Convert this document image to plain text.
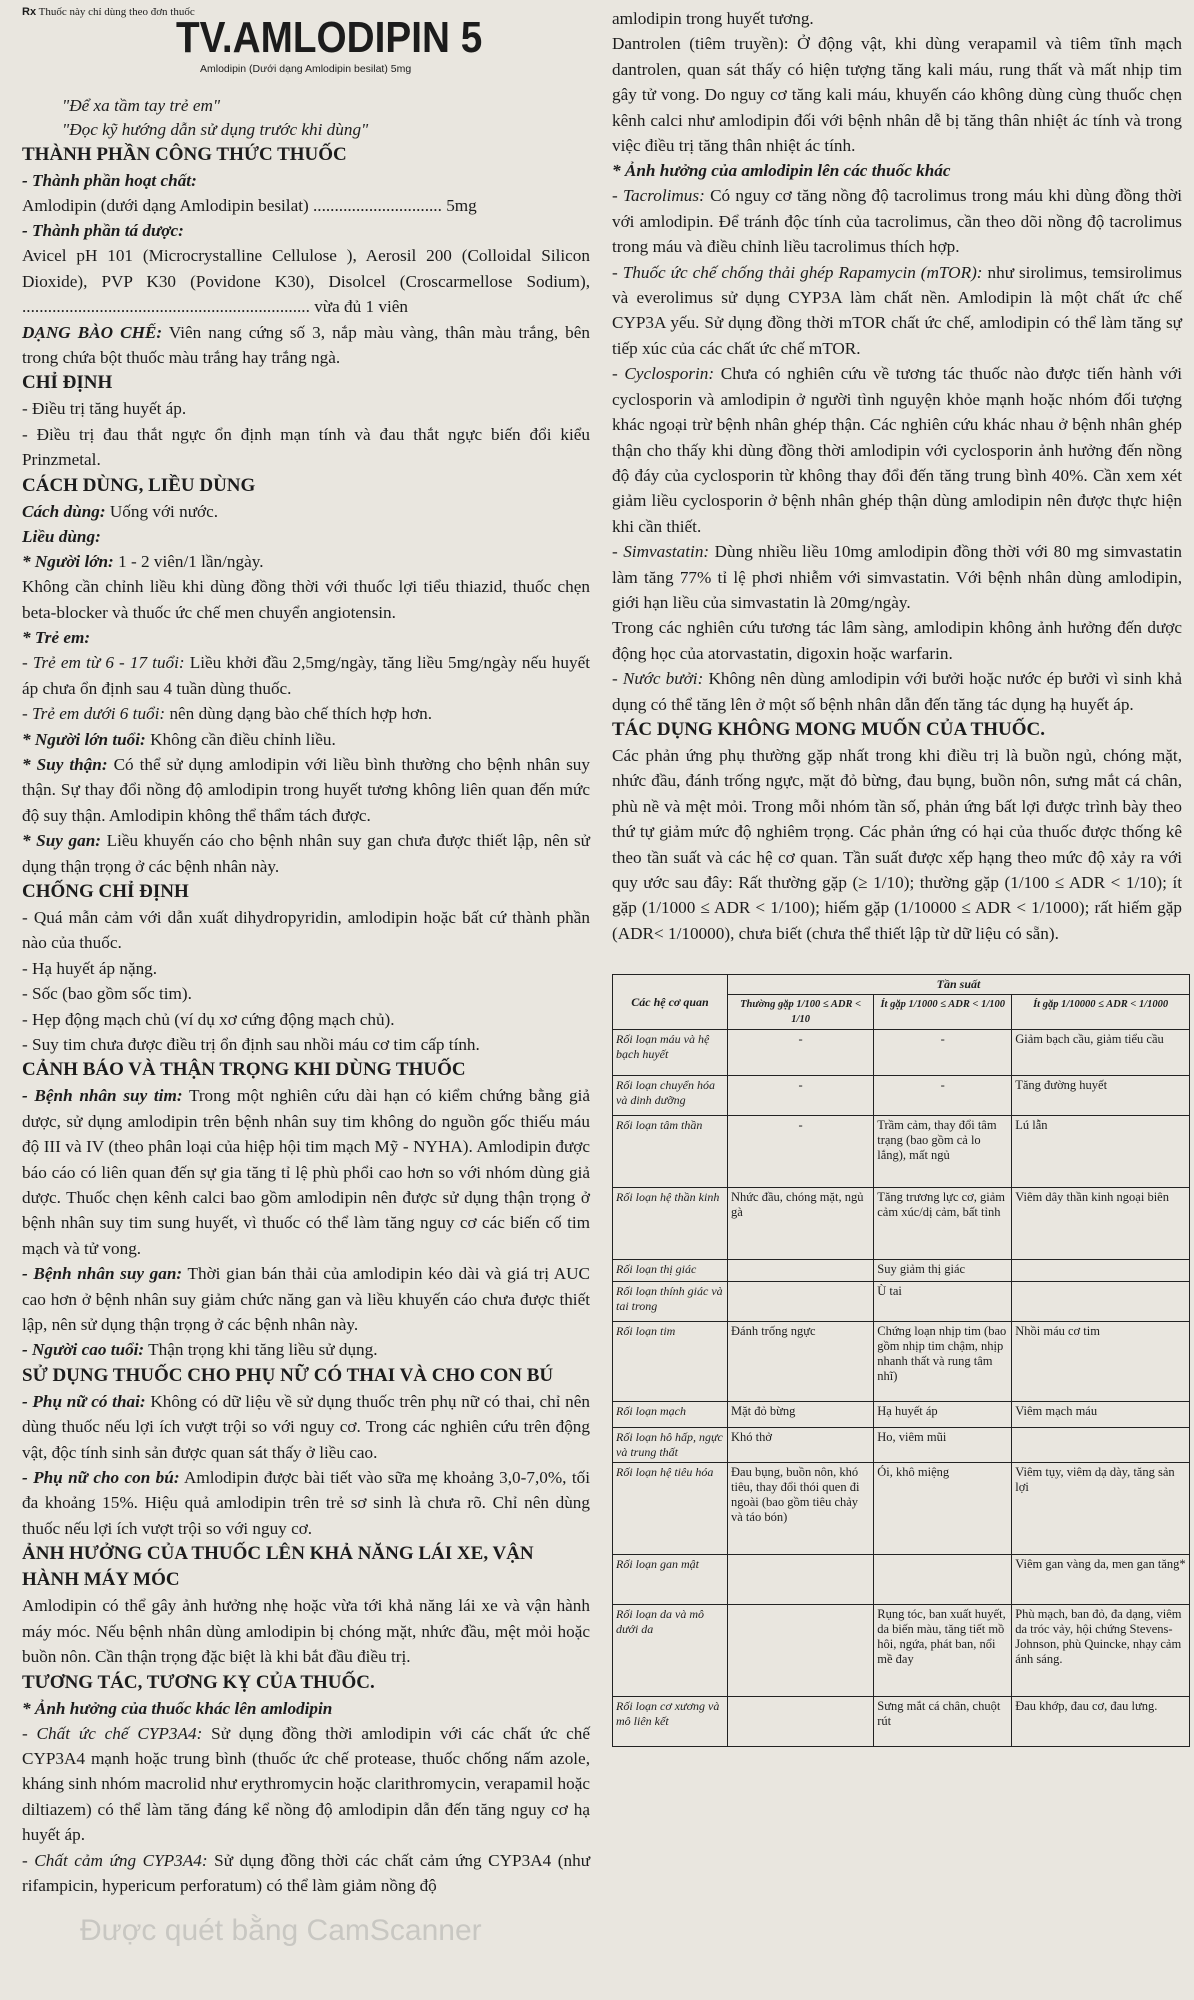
Rx Thuốc này chỉ dùng theo đơn thuốc
TV.AMLODIPIN 5
Amlodipin (Dưới dạng Amlodipin besilat) 5mg

"Để xa tầm tay trẻ em"

"Đọc kỹ hướng dẫn sử dụng trước khi dùng"

THÀNH PHẦN CÔNG THỨC THUỐC

- Thành phần hoạt chất:

Amlodipin (dưới dạng Amlodipin besilat) .............................. 5mg

- Thành phần tá dược:

Avicel pH 101 (Microcrystalline Cellulose ), Aerosil 200 (Colloidal Silicon Dioxide), PVP K30 (Povidone K30), Disolcel (Croscarmellose Sodium), ................................................................... vừa đủ 1 viên

DẠNG BÀO CHẾ: Viên nang cứng số 3, nắp màu vàng, thân màu trắng, bên trong chứa bột thuốc màu trắng hay trắng ngà.

CHỈ ĐỊNH

- Điều trị tăng huyết áp.

- Điều trị đau thắt ngực ổn định mạn tính và đau thắt ngực biến đổi kiểu Prinzmetal.

CÁCH DÙNG, LIỀU DÙNG

Cách dùng: Uống với nước.

Liều dùng:

* Người lớn: 1 - 2 viên/1 lần/ngày.

Không cần chỉnh liều khi dùng đồng thời với thuốc lợi tiểu thiazid, thuốc chẹn beta-blocker và thuốc ức chế men chuyển angiotensin.

* Trẻ em:

- Trẻ em từ 6 - 17 tuổi: Liều khởi đầu 2,5mg/ngày, tăng liều 5mg/ngày nếu huyết áp chưa ổn định sau 4 tuần dùng thuốc.

- Trẻ em dưới 6 tuổi: nên dùng dạng bào chế thích hợp hơn.

* Người lớn tuổi: Không cần điều chỉnh liều.

* Suy thận: Có thể sử dụng amlodipin với liều bình thường cho bệnh nhân suy thận. Sự thay đổi nồng độ amlodipin trong huyết tương không liên quan đến mức độ suy thận. Amlodipin không thể thẩm tách được.

* Suy gan: Liều khuyến cáo cho bệnh nhân suy gan chưa được thiết lập, nên sử dụng thận trọng ở các bệnh nhân này.

CHỐNG CHỈ ĐỊNH

- Quá mẫn cảm với dẫn xuất dihydropyridin, amlodipin hoặc bất cứ thành phần nào của thuốc.

- Hạ huyết áp nặng.

- Sốc (bao gồm sốc tim).

- Hẹp động mạch chủ (ví dụ xơ cứng động mạch chủ).

- Suy tim chưa được điều trị ổn định sau nhồi máu cơ tim cấp tính.

CẢNH BÁO VÀ THẬN TRỌNG KHI DÙNG THUỐC

- Bệnh nhân suy tim: Trong một nghiên cứu dài hạn có kiểm chứng bằng giả dược, sử dụng amlodipin trên bệnh nhân suy tim không do nguồn gốc thiếu máu độ III và IV (theo phân loại của hiệp hội tim mạch Mỹ - NYHA). Amlodipin được báo cáo có liên quan đến sự gia tăng tỉ lệ phù phổi cao hơn so với nhóm dùng giả dược. Thuốc chẹn kênh calci bao gồm amlodipin nên được sử dụng thận trọng ở bệnh nhân suy tim sung huyết, vì thuốc có thể làm tăng nguy cơ các biến cố tim mạch và tử vong.

- Bệnh nhân suy gan: Thời gian bán thải của amlodipin kéo dài và giá trị AUC cao hơn ở bệnh nhân suy giảm chức năng gan và liều khuyến cáo chưa được thiết lập, nên sử dụng thận trọng ở các bệnh nhân này.

- Người cao tuổi: Thận trọng khi tăng liều sử dụng.

SỬ DỤNG THUỐC CHO PHỤ NỮ CÓ THAI VÀ CHO CON BÚ

- Phụ nữ có thai: Không có dữ liệu về sử dụng thuốc trên phụ nữ có thai, chỉ nên dùng thuốc nếu lợi ích vượt trội so với nguy cơ. Trong các nghiên cứu trên động vật, độc tính sinh sản được quan sát thấy ở liều cao.

- Phụ nữ cho con bú: Amlodipin được bài tiết vào sữa mẹ khoảng 3,0-7,0%, tối đa khoảng 15%. Hiệu quả amlodipin trên trẻ sơ sinh là chưa rõ. Chỉ nên dùng thuốc nếu lợi ích vượt trội so với nguy cơ.

ẢNH HƯỞNG CỦA THUỐC LÊN KHẢ NĂNG LÁI XE, VẬN HÀNH MÁY MÓC

Amlodipin có thể gây ảnh hưởng nhẹ hoặc vừa tới khả năng lái xe và vận hành máy móc. Nếu bệnh nhân dùng amlodipin bị chóng mặt, nhức đầu, mệt mỏi hoặc buồn nôn. Cần thận trọng đặc biệt là khi bắt đầu điều trị.

TƯƠNG TÁC, TƯƠNG KỴ CỦA THUỐC.

* Ảnh hưởng của thuốc khác lên amlodipin

- Chất ức chế CYP3A4: Sử dụng đồng thời amlodipin với các chất ức chế CYP3A4 mạnh hoặc trung bình (thuốc ức chế protease, thuốc chống nấm azole, kháng sinh nhóm macrolid như erythromycin hoặc clarithromycin, verapamil hoặc diltiazem) có thể làm tăng đáng kể nồng độ amlodipin dẫn đến tăng nguy cơ hạ huyết áp.

- Chất cảm ứng CYP3A4: Sử dụng đồng thời các chất cảm ứng CYP3A4 (như rifampicin, hypericum perforatum) có thể làm giảm nồng độ

amlodipin trong huyết tương.

Dantrolen (tiêm truyền): Ở động vật, khi dùng verapamil và tiêm tĩnh mạch dantrolen, quan sát thấy có hiện tượng tăng kali máu, rung thất và mất nhịp tim gây tử vong. Do nguy cơ tăng kali máu, khuyến cáo không dùng cùng thuốc chẹn kênh calci như amlodipin đối với bệnh nhân dễ bị tăng thân nhiệt ác tính và trong việc điều trị tăng thân nhiệt ác tính.

* Ảnh hưởng của amlodipin lên các thuốc khác

- Tacrolimus: Có nguy cơ tăng nồng độ tacrolimus trong máu khi dùng đồng thời với amlodipin. Để tránh độc tính của tacrolimus, cần theo dõi nồng độ tacrolimus trong máu và điều chỉnh liều tacrolimus thích hợp.

- Thuốc ức chế chống thải ghép Rapamycin (mTOR): như sirolimus, temsirolimus và everolimus sử dụng CYP3A làm chất nền. Amlodipin là một chất ức chế CYP3A yếu. Sử dụng đồng thời mTOR chất ức chế, amlodipin có thể làm tăng sự tiếp xúc của các chất ức chế mTOR.

- Cyclosporin: Chưa có nghiên cứu về tương tác thuốc nào được tiến hành với cyclosporin và amlodipin ở người tình nguyện khỏe mạnh hoặc nhóm đối tượng khác ngoại trừ bệnh nhân ghép thận. Các nghiên cứu khác nhau ở bệnh nhân ghép thận cho thấy khi dùng đồng thời amlodipin với cyclosporin ảnh hưởng đến nồng độ đáy của cyclosporin từ không thay đổi đến tăng trung bình 40%. Cần xem xét giảm liều cyclosporin ở bệnh nhân ghép thận dùng amlodipin nên được thực hiện khi cần thiết.

- Simvastatin: Dùng nhiều liều 10mg amlodipin đồng thời với 80 mg simvastatin làm tăng 77% tỉ lệ phơi nhiễm với simvastatin. Với bệnh nhân dùng amlodipin, giới hạn liều của simvastatin là 20mg/ngày.

Trong các nghiên cứu tương tác lâm sàng, amlodipin không ảnh hưởng đến dược động học của atorvastatin, digoxin hoặc warfarin.

- Nước bưởi: Không nên dùng amlodipin với bưởi hoặc nước ép bưởi vì sinh khả dụng có thể tăng lên ở một số bệnh nhân dẫn đến tăng tác dụng hạ huyết áp.

TÁC DỤNG KHÔNG MONG MUỐN CỦA THUỐC.

Các phản ứng phụ thường gặp nhất trong khi điều trị là buồn ngủ, chóng mặt, nhức đầu, đánh trống ngực, mặt đỏ bừng, đau bụng, buồn nôn, sưng mắt cá chân, phù nề và mệt mỏi. Trong mỗi nhóm tần số, phản ứng bất lợi được trình bày theo thứ tự giảm mức độ nghiêm trọng. Các phản ứng có hại của thuốc được thống kê theo tần suất và các hệ cơ quan. Tần suất được xếp hạng theo mức độ xảy ra với quy ước sau đây: Rất thường gặp (≥ 1/10); thường gặp (1/100 ≤ ADR < 1/10); ít gặp (1/1000 ≤ ADR < 1/100); hiếm gặp (1/10000 ≤ ADR < 1/1000); rất hiếm gặp (ADR< 1/10000), chưa biết (chưa thể thiết lập từ dữ liệu có sẵn).

Các hệ cơ quan	Tần suất		
	Thường gặp 1/100 ≤ ADR < 1/10	Ít gặp 1/1000 ≤ ADR < 1/100	Ít gặp 1/10000 ≤ ADR < 1/1000
Rối loạn máu và hệ bạch huyết	-	-	Giảm bạch cầu, giảm tiểu cầu
Rối loạn chuyển hóa và dinh dưỡng	-	-	Tăng đường huyết
Rối loạn tâm thần	-	Trầm cảm, thay đổi tâm trạng (bao gồm cả lo lắng), mất ngủ	Lú lẫn
Rối loạn hệ thần kinh	Nhức đầu, chóng mặt, ngủ gà	Tăng trương lực cơ, giảm cảm xúc/dị cảm, bất tỉnh	Viêm dây thần kinh ngoại biên
Rối loạn thị giác		Suy giảm thị giác	
Rối loạn thính giác và tai trong		Ù tai	
Rối loạn tim	Đánh trống ngực	Chứng loạn nhịp tim (bao gồm nhịp tim chậm, nhịp nhanh thất và rung tâm nhĩ)	Nhồi máu cơ tim
Rối loạn mạch	Mặt đỏ bừng	Hạ huyết áp	Viêm mạch máu
Rối loạn hô hấp, ngực và trung thất	Khó thở	Ho, viêm mũi	
Rối loạn hệ tiêu hóa	Đau bụng, buồn nôn, khó tiêu, thay đổi thói quen đi ngoài (bao gồm tiêu chảy và táo bón)	Ói, khô miệng	Viêm tụy, viêm dạ dày, tăng sản lợi
Rối loạn gan mật			Viêm gan vàng da, men gan tăng*
Rối loạn da và mô dưới da		Rụng tóc, ban xuất huyết, da biến màu, tăng tiết mồ hôi, ngứa, phát ban, nổi mề đay	Phù mạch, ban đỏ, đa dạng, viêm da tróc vảy, hội chứng Stevens-Johnson, phù Quincke, nhạy cảm ánh sáng.
Rối loạn cơ xương và mô liên kết		Sưng mắt cá chân, chuột rút	Đau khớp, đau cơ, đau lưng.
Được quét bằng CamScanner
